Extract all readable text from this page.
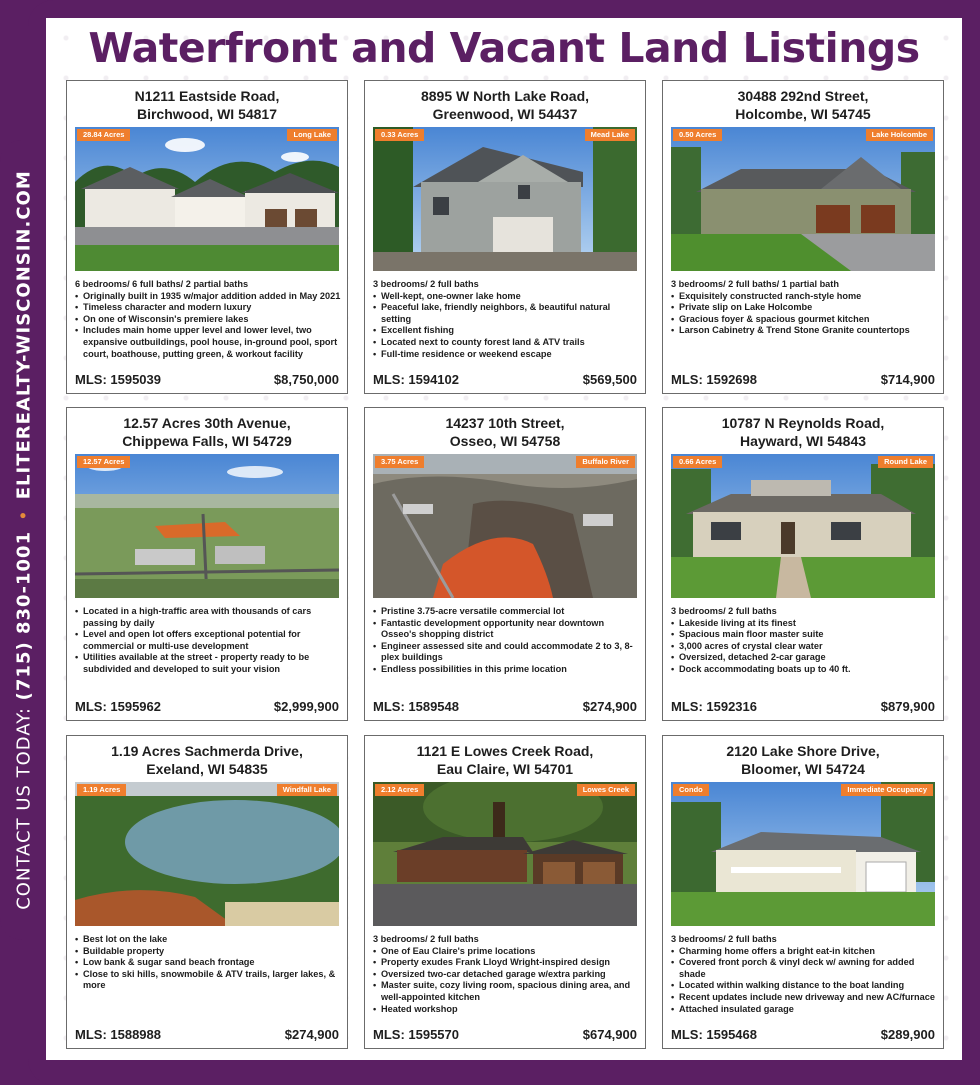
CONTACT US TODAY: (715) 830-1001•ELITEREALTY-WISCONSIN.COM
Waterfront and Vacant Land Listings
N1211 Eastside Road,
Birchwood, WI 54817
28.84 Acres	Long Lake
6 bedrooms/ 6 full baths/ 2 partial baths
• Originally built in 1935 w/major addition added in May 2021
• Timeless character and modern luxury
• On one of Wisconsin's premiere lakes
• Includes main home upper level and lower level, two expansive outbuildings, pool house, in-ground pool, sport court, boathouse, putting green, & workout facility
MLS: 1595039	$8,750,000
8895 W North Lake Road,
Greenwood, WI 54437
0.33 Acres	Mead Lake
3 bedrooms/ 2 full baths
• Well-kept, one-owner lake home
• Peaceful lake, friendly neighbors, & beautiful natural setting
• Excellent fishing
• Located next to county forest land & ATV trails
• Full-time residence or weekend escape
MLS: 1594102	$569,500
30488 292nd Street,
Holcombe, WI 54745
0.50 Acres	Lake Holcombe
3 bedrooms/ 2 full baths/ 1 partial bath
• Exquisitely constructed ranch-style home
• Private slip on Lake Holcombe
• Gracious foyer & spacious gourmet kitchen
• Larson Cabinetry & Trend Stone Granite countertops
MLS: 1592698	$714,900
12.57 Acres 30th Avenue,
Chippewa Falls, WI 54729
12.57 Acres
• Located in a high-traffic area with thousands of cars passing by daily
• Level and open lot offers exceptional potential for commercial or multi-use development
• Utilities available at the street - property ready to be subdivided and developed to suit your vision
MLS: 1595962	$2,999,900
14237 10th Street,
Osseo, WI 54758
3.75 Acres	Buffalo River
• Pristine 3.75-acre versatile commercial lot
• Fantastic development opportunity near downtown Osseo's shopping district
• Engineer assessed site and could accommodate 2 to 3, 8-plex buildings
• Endless possibilities in this prime location
MLS: 1589548	$274,900
10787 N Reynolds Road,
Hayward, WI 54843
0.66 Acres	Round Lake
3 bedrooms/ 2 full baths
• Lakeside living at its finest
• Spacious main floor master suite
• 3,000 acres of crystal clear water
• Oversized, detached 2-car garage
• Dock accommodating boats up to 40 ft.
MLS: 1592316	$879,900
1.19 Acres Sachmerda Drive,
Exeland, WI 54835
1.19 Acres	Windfall Lake
• Best lot on the lake
• Buildable property
• Low bank & sugar sand beach frontage
• Close to ski hills, snowmobile & ATV trails, larger lakes, & more
MLS: 1588988	$274,900
1121 E Lowes Creek Road,
Eau Claire, WI 54701
2.12 Acres	Lowes Creek
3 bedrooms/ 2 full baths
• One of Eau Claire's prime locations
• Property exudes Frank Lloyd Wright-inspired design
• Oversized two-car detached garage w/extra parking
• Master suite, cozy living room, spacious dining area, and well-appointed kitchen
• Heated workshop
MLS: 1595570	$674,900
2120 Lake Shore Drive,
Bloomer, WI 54724
Condo	Immediate Occupancy
3 bedrooms/ 2 full baths
• Charming home offers a bright eat-in kitchen
• Covered front porch & vinyl deck w/ awning for added shade
• Located within walking distance to the boat landing
• Recent updates include new driveway and new AC/furnace
• Attached insulated garage
MLS: 1595468	$289,900
